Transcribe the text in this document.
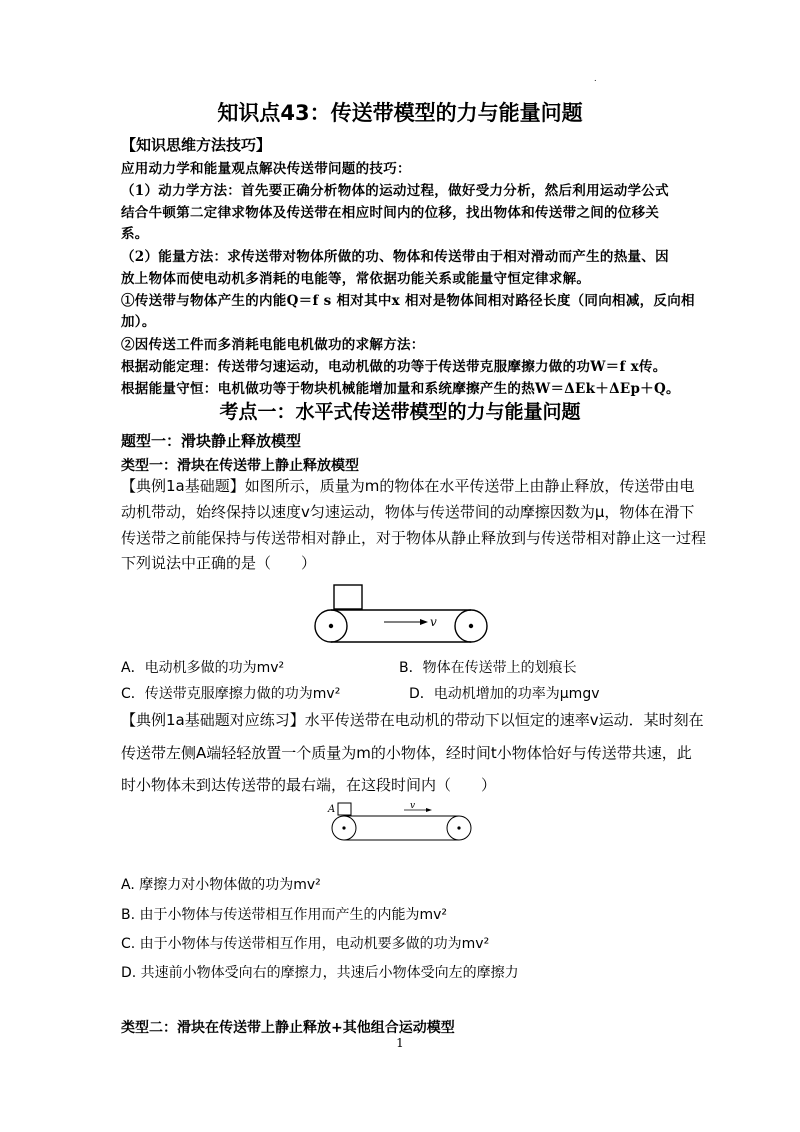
.
知识点43：传送带模型的力与能量问题
【知识思维方法技巧】
应用动力学和能量观点解决传送带问题的技巧：
（1）动力学方法：首先要正确分析物体的运动过程，做好受力分析，然后利用运动学公式
结合牛顿第二定律求物体及传送带在相应时间内的位移，找出物体和传送带之间的位移关
系。
（2）能量方法：求传送带对物体所做的功、物体和传送带由于相对滑动而产生的热量、因
放上物体而使电动机多消耗的电能等，常依据功能关系或能量守恒定律求解。
①传送带与物体产生的内能Q＝f s 相对其中x 相对是物体间相对路径长度（同向相减，反向相
加）。
②因传送工件而多消耗电能电机做功的求解方法：
根据动能定理：传送带匀速运动，电动机做的功等于传送带克服摩擦力做的功W＝f x传。
根据能量守恒：电机做功等于物块机械能增加量和系统摩擦产生的热W＝ΔEk＋ΔEp＋Q。
考点一：水平式传送带模型的力与能量问题
题型一：滑块静止释放模型
类型一：滑块在传送带上静止释放模型
【典例1a基础题】如图所示，质量为m的物体在水平传送带上由静止释放，传送带由电
动机带动，始终保持以速度v匀速运动，物体与传送带间的动摩擦因数为μ，物体在滑下
传送带之前能保持与传送带相对静止，对于物体从静止释放到与传送带相对静止这一过程
下列说法中正确的是（　　）
v
A．电动机多做的功为mv²	B．物体在传送带上的划痕长
C．传送带克服摩擦力做的功为mv²	D．电动机增加的功率为μmgv
【典例1a基础题对应练习】水平传送带在电动机的带动下以恒定的速率v运动．某时刻在
传送带左侧A端轻轻放置一个质量为m的小物体，经时间t小物体恰好与传送带共速，此
时小物体未到达传送带的最右端，在这段时间内（　　）
A	v
A. 摩擦力对小物体做的功为mv²
B. 由于小物体与传送带相互作用而产生的内能为mv²
C. 由于小物体与传送带相互作用，电动机要多做的功为mv²
D. 共速前小物体受向右的摩擦力，共速后小物体受向左的摩擦力
类型二：滑块在传送带上静止释放+其他组合运动模型
1
